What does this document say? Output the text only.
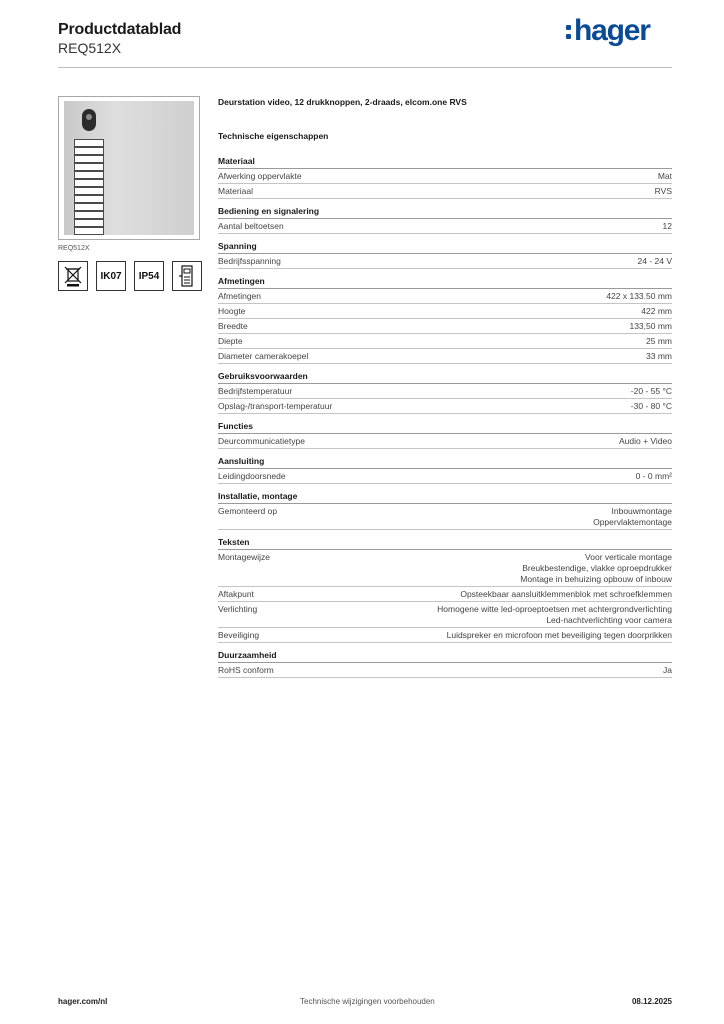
Productdatablad
REQ512X
hager
REQ512X
IK07 IP54
Deurstation video, 12 drukknoppen, 2-draads, elcom.one RVS
Technische eigenschappen
Materiaal
Afwerking oppervlakte	Mat
Materiaal	RVS
Bediening en signalering
Aantal beltoetsen	12
Spanning
Bedrijfsspanning	24 - 24 V
Afmetingen
Afmetingen	422 x 133.50 mm
Hoogte	422 mm
Breedte	133,50 mm
Diepte	25 mm
Diameter camerakoepel	33 mm
Gebruiksvoorwaarden
Bedrijfstemperatuur	-20 - 55 °C
Opslag-/transport-temperatuur	-30 - 80 °C
Functies
Deurcommunicatietype	Audio + Video
Aansluiting
Leidingdoorsnede	0 - 0 mm²
Installatie, montage
Gemonteerd op	Inbouwmontage
Oppervlaktemontage
Teksten
Montagewijze	Voor verticale montage
Breukbestendige, vlakke oproepdrukker
Montage in behuizing opbouw of inbouw
Aftakpunt	Opsteekbaar aansluitklemmenblok met schroefklemmen
Verlichting	Homogene witte led-oproeptoetsen met achtergrondverlichting
Led-nachtverlichting voor camera
Beveiliging	Luidspreker en microfoon met beveiliging tegen doorprikken
Duurzaamheid
RoHS conform	Ja
hager.com/nl	Technische wijzigingen voorbehouden	08.12.2025
